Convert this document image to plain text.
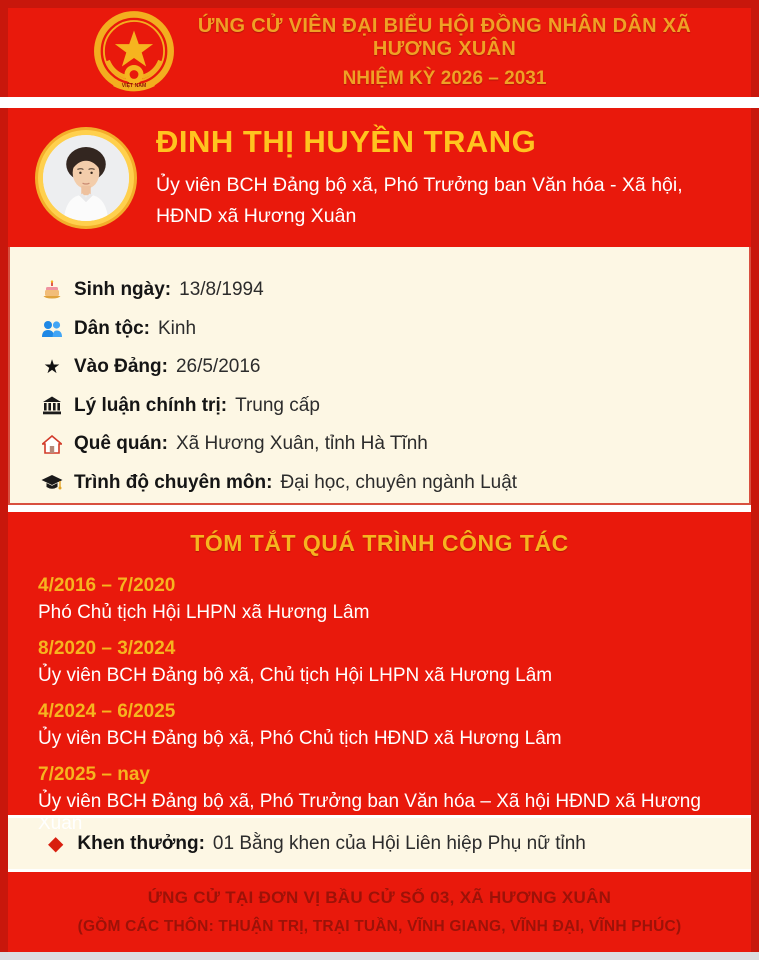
VIỆT NAM
ỨNG CỬ VIÊN ĐẠI BIỂU HỘI ĐỒNG NHÂN DÂN XÃ HƯƠNG XUÂN
NHIỆM KỲ 2026 – 2031
ĐINH THỊ HUYỀN TRANG
Ủy viên BCH Đảng bộ xã, Phó Trưởng ban Văn hóa - Xã hội,
HĐND xã Hương Xuân
Sinh ngày: 13/8/1994
Dân tộc: Kinh
★ Vào Đảng: 26/5/2016
Lý luận chính trị: Trung cấp
Quê quán: Xã Hương Xuân, tỉnh Hà Tĩnh
Trình độ chuyên môn: Đại học, chuyên ngành Luật
TÓM TẮT QUÁ TRÌNH CÔNG TÁC
4/2016 – 7/2020
Phó Chủ tịch Hội LHPN xã Hương Lâm
8/2020 – 3/2024
Ủy viên BCH Đảng bộ xã, Chủ tịch Hội LHPN xã Hương Lâm
4/2024 – 6/2025
Ủy viên BCH Đảng bộ xã, Phó Chủ tịch HĐND xã Hương Lâm
7/2025 – nay
Ủy viên BCH Đảng bộ xã, Phó Trưởng ban Văn hóa – Xã hội HĐND xã Hương Xuân
◆ Khen thưởng: 01 Bằng khen của Hội Liên hiệp Phụ nữ tỉnh
ỨNG CỬ TẠI ĐƠN VỊ BẦU CỬ SỐ 03, XÃ HƯƠNG XUÂN
(GỒM CÁC THÔN: THUẬN TRỊ, TRẠI TUẦN, VĨNH GIANG, VĨNH ĐẠI, VĨNH PHÚC)
